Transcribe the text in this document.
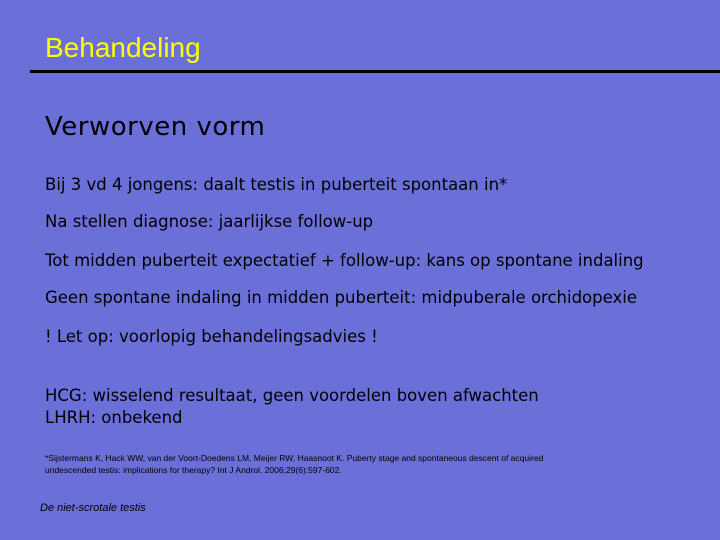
Behandeling
Verworven vorm
Bij 3 vd 4 jongens: daalt testis in puberteit spontaan in*
Na stellen diagnose: jaarlijkse follow-up
Tot midden puberteit expectatief + follow-up: kans op spontane indaling
Geen spontane indaling in midden puberteit: midpuberale orchidopexie
! Let op: voorlopig behandelingsadvies !
HCG: wisselend resultaat, geen voordelen boven afwachten
LHRH: onbekend
*Sijstermans K, Hack WW, van der Voort-Doedens LM, Meijer RW, Haasnoot K. Puberty stage and spontaneous descent of acquired
undescended testis: implications for therapy? Int J Androl. 2006;29(6):597-602.
De niet-scrotale testis
